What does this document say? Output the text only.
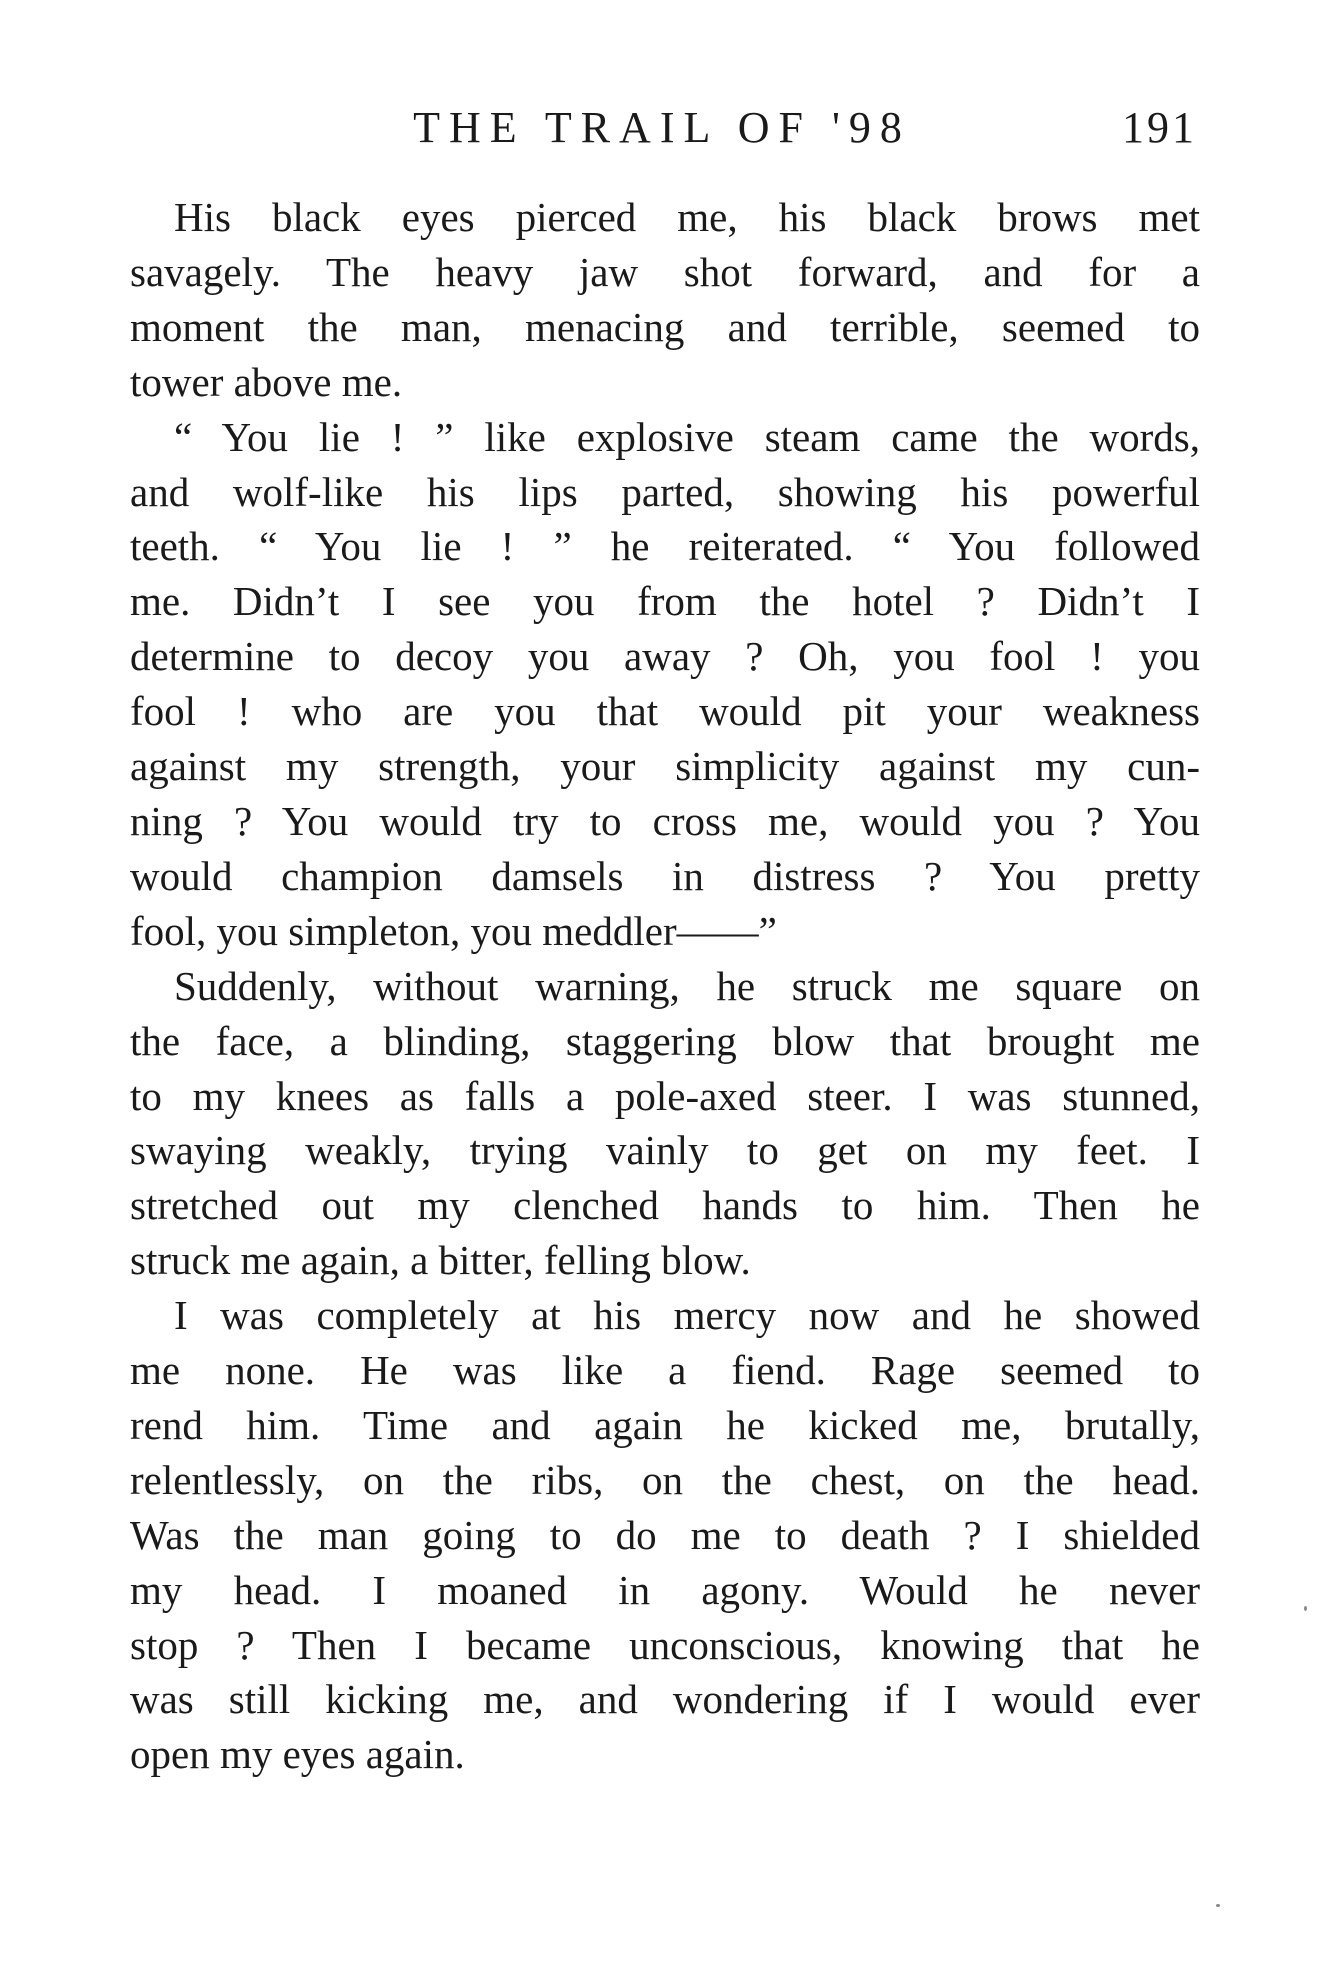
THE TRAIL OF '98	191

His black eyes pierced me, his black brows met
savagely. The heavy jaw shot forward, and for a
moment the man, menacing and terrible, seemed to
tower above me.

“ You lie ! ” like explosive steam came the words,
and wolf-like his lips parted, showing his powerful
teeth. “ You lie ! ” he reiterated. “ You followed
me. Didn’t I see you from the hotel ? Didn’t I
determine to decoy you away ? Oh, you fool ! you
fool ! who are you that would pit your weakness
against my strength, your simplicity against my cun-
ning ? You would try to cross me, would you ? You
would champion damsels in distress ? You pretty
fool, you simpleton, you meddler——”

Suddenly, without warning, he struck me square on
the face, a blinding, staggering blow that brought me
to my knees as falls a pole-axed steer. I was stunned,
swaying weakly, trying vainly to get on my feet. I
stretched out my clenched hands to him. Then he
struck me again, a bitter, felling blow.

I was completely at his mercy now and he showed
me none. He was like a fiend. Rage seemed to
rend him. Time and again he kicked me, brutally,
relentlessly, on the ribs, on the chest, on the head.
Was the man going to do me to death ? I shielded
my head. I moaned in agony. Would he never
stop ? Then I became unconscious, knowing that he
was still kicking me, and wondering if I would ever
open my eyes again.
